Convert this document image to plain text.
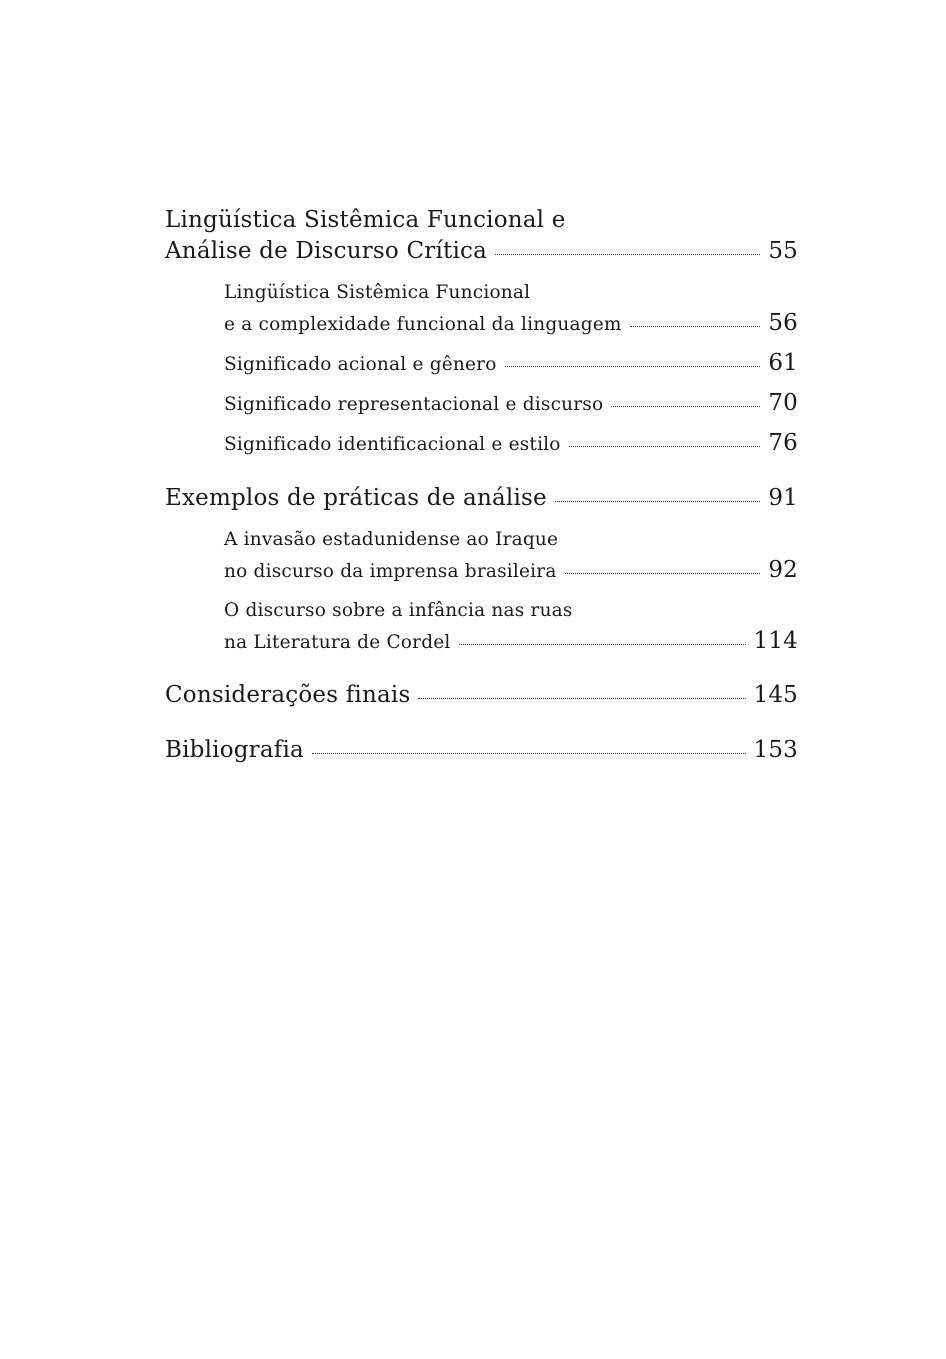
Lingüística Sistêmica Funcional e
Análise de Discurso Crítica	55
Lingüística Sistêmica Funcional
e a complexidade funcional da linguagem	56
Significado acional e gênero	61
Significado representacional e discurso	70
Significado identificacional e estilo	76
Exemplos de práticas de análise	91
A invasão estadunidense ao Iraque
no discurso da imprensa brasileira	92
O discurso sobre a infância nas ruas
na Literatura de Cordel	114
Considerações finais	145
Bibliografia	153
